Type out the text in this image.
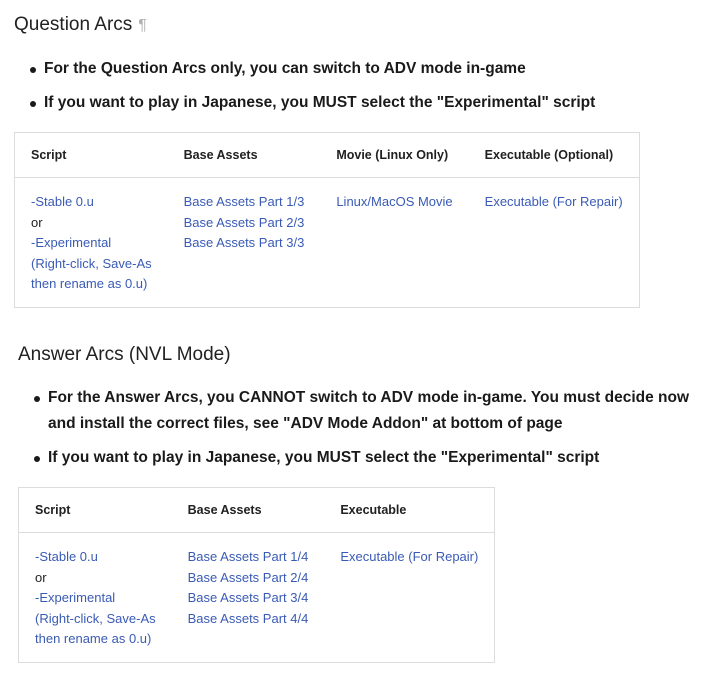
Question Arcs ¶
For the Question Arcs only, you can switch to ADV mode in-game
If you want to play in Japanese, you MUST select the "Experimental" script
Script	Base Assets	Movie (Linux Only)	Executable (Optional)

-Stable 0.u
or
-Experimental
(Right-click, Save-As
then rename as 0.u)	Base Assets Part 1/3
Base Assets Part 2/3
Base Assets Part 3/3	Linux/MacOS Movie	Executable (For Repair)
Answer Arcs (NVL Mode)
For the Answer Arcs, you CANNOT switch to ADV mode in-game. You must decide now and install the correct files, see "ADV Mode Addon" at bottom of page
If you want to play in Japanese, you MUST select the "Experimental" script
Script	Base Assets	Executable

-Stable 0.u
or
-Experimental
(Right-click, Save-As
then rename as 0.u)	Base Assets Part 1/4
Base Assets Part 2/4
Base Assets Part 3/4
Base Assets Part 4/4	Executable (For Repair)
